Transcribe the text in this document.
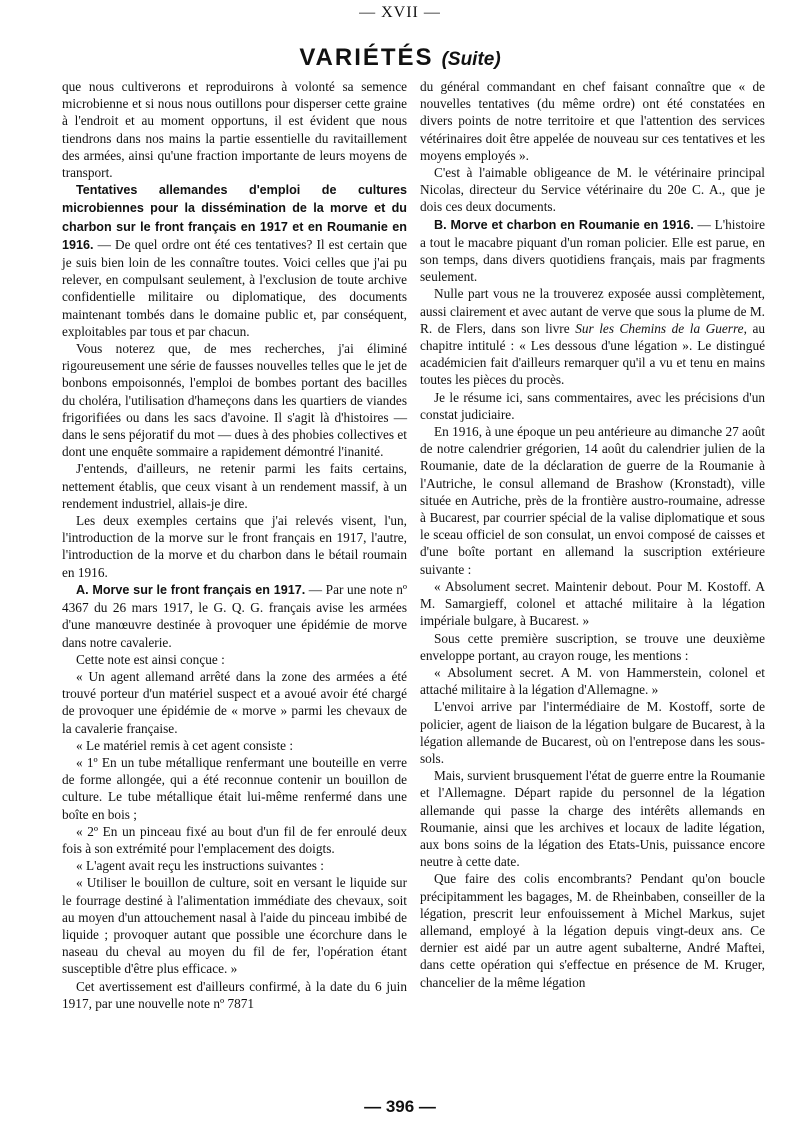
— XVII —
VARIÉTÉS (Suite)

que nous cultiverons et reproduirons à volonté sa semence microbienne et si nous nous outillons pour disperser cette graine à l'endroit et au moment opportuns, il est évident que nous tiendrons dans nos mains la partie essentielle du ravitaillement des armées, ainsi qu'une fraction importante de leurs moyens de transport.

Tentatives allemandes d'emploi de cultures microbiennes pour la dissémination de la morve et du charbon sur le front français en 1917 et en Roumanie en 1916. — De quel ordre ont été ces tentatives? Il est certain que je suis bien loin de les connaître toutes. Voici celles que j'ai pu relever, en compulsant seulement, à l'exclusion de toute archive confidentielle militaire ou diplomatique, des documents maintenant tombés dans le domaine public et, par conséquent, exploitables par tous et par chacun.

Vous noterez que, de mes recherches, j'ai éliminé rigoureusement une série de fausses nouvelles telles que le jet de bonbons empoisonnés, l'emploi de bombes portant des bacilles du choléra, l'utilisation d'hameçons dans les quartiers de viandes frigorifiées ou dans les sacs d'avoine. Il s'agit là d'histoires — dans le sens péjoratif du mot — dues à des phobies collectives et dont une enquête sommaire a rapidement démontré l'inanité.

J'entends, d'ailleurs, ne retenir parmi les faits certains, nettement établis, que ceux visant à un rendement massif, à un rendement industriel, allais-je dire.

Les deux exemples certains que j'ai relevés visent, l'un, l'introduction de la morve sur le front français en 1917, l'autre, l'introduction de la morve et du charbon dans le bétail roumain en 1916.

A. Morve sur le front français en 1917. — Par une note nº 4367 du 26 mars 1917, le G. Q. G. français avise les armées d'une manœuvre destinée à provoquer une épidémie de morve dans notre cavalerie.

Cette note est ainsi conçue :

« Un agent allemand arrêté dans la zone des armées a été trouvé porteur d'un matériel suspect et a avoué avoir été chargé de provoquer une épidémie de « morve » parmi les chevaux de la cavalerie française.

« Le matériel remis à cet agent consiste :

« 1º En un tube métallique renfermant une bouteille en verre de forme allongée, qui a été reconnue contenir un bouillon de culture. Le tube métallique était lui-même renfermé dans une boîte en bois ;

« 2º En un pinceau fixé au bout d'un fil de fer enroulé deux fois à son extrémité pour l'emplacement des doigts.

« L'agent avait reçu les instructions suivantes :

« Utiliser le bouillon de culture, soit en versant le liquide sur le fourrage destiné à l'alimentation immédiate des chevaux, soit au moyen d'un attouchement nasal à l'aide du pinceau imbibé de liquide ; provoquer autant que possible une écorchure dans le naseau du cheval au moyen du fil de fer, l'opération étant susceptible d'être plus efficace. »

Cet avertissement est d'ailleurs confirmé, à la date du 6 juin 1917, par une nouvelle note nº 7871

du général commandant en chef faisant connaître que « de nouvelles tentatives (du même ordre) ont été constatées en divers points de notre territoire et que l'attention des services vétérinaires doit être appelée de nouveau sur ces tentatives et les moyens employés ».

C'est à l'aimable obligeance de M. le vétérinaire principal Nicolas, directeur du Service vétérinaire du 20e C. A., que je dois ces deux documents.

B. Morve et charbon en Roumanie en 1916. — L'histoire a tout le macabre piquant d'un roman policier. Elle est parue, en son temps, dans divers quotidiens français, mais par fragments seulement.

Nulle part vous ne la trouverez exposée aussi complètement, aussi clairement et avec autant de verve que sous la plume de M. R. de Flers, dans son livre Sur les Chemins de la Guerre, au chapitre intitulé : « Les dessous d'une légation ». Le distingué académicien fait d'ailleurs remarquer qu'il a vu et tenu en mains toutes les pièces du procès.

Je le résume ici, sans commentaires, avec les précisions d'un constat judiciaire.

En 1916, à une époque un peu antérieure au dimanche 27 août de notre calendrier grégorien, 14 août du calendrier julien de la Roumanie, date de la déclaration de guerre de la Roumanie à l'Autriche, le consul allemand de Brashow (Kronstadt), ville située en Autriche, près de la frontière austro-roumaine, adresse à Bucarest, par courrier spécial de la valise diplomatique et sous le sceau officiel de son consulat, un envoi composé de caisses et d'une boîte portant en allemand la suscription extérieure suivante :

« Absolument secret. Maintenir debout. Pour M. Kostoff. A M. Samargieff, colonel et attaché militaire à la légation impériale bulgare, à Bucarest. »

Sous cette première suscription, se trouve une deuxième enveloppe portant, au crayon rouge, les mentions :

« Absolument secret. A M. von Hammerstein, colonel et attaché militaire à la légation d'Allemagne. »

L'envoi arrive par l'intermédiaire de M. Kostoff, sorte de policier, agent de liaison de la légation bulgare de Bucarest, à la légation allemande de Bucarest, où on l'entrepose dans les sous-sols.

Mais, survient brusquement l'état de guerre entre la Roumanie et l'Allemagne. Départ rapide du personnel de la légation allemande qui passe la charge des intérêts allemands en Roumanie, ainsi que les archives et locaux de ladite légation, aux bons soins de la légation des Etats-Unis, puissance encore neutre à cette date.

Que faire des colis encombrants? Pendant qu'on boucle précipitamment les bagages, M. de Rheinbaben, conseiller de la légation, prescrit leur enfouissement à Michel Markus, sujet allemand, employé à la légation depuis vingt-deux ans. Ce dernier est aidé par un autre agent subalterne, André Maftei, dans cette opération qui s'effectue en présence de M. Kruger, chancelier de la même légation

— 396 —
